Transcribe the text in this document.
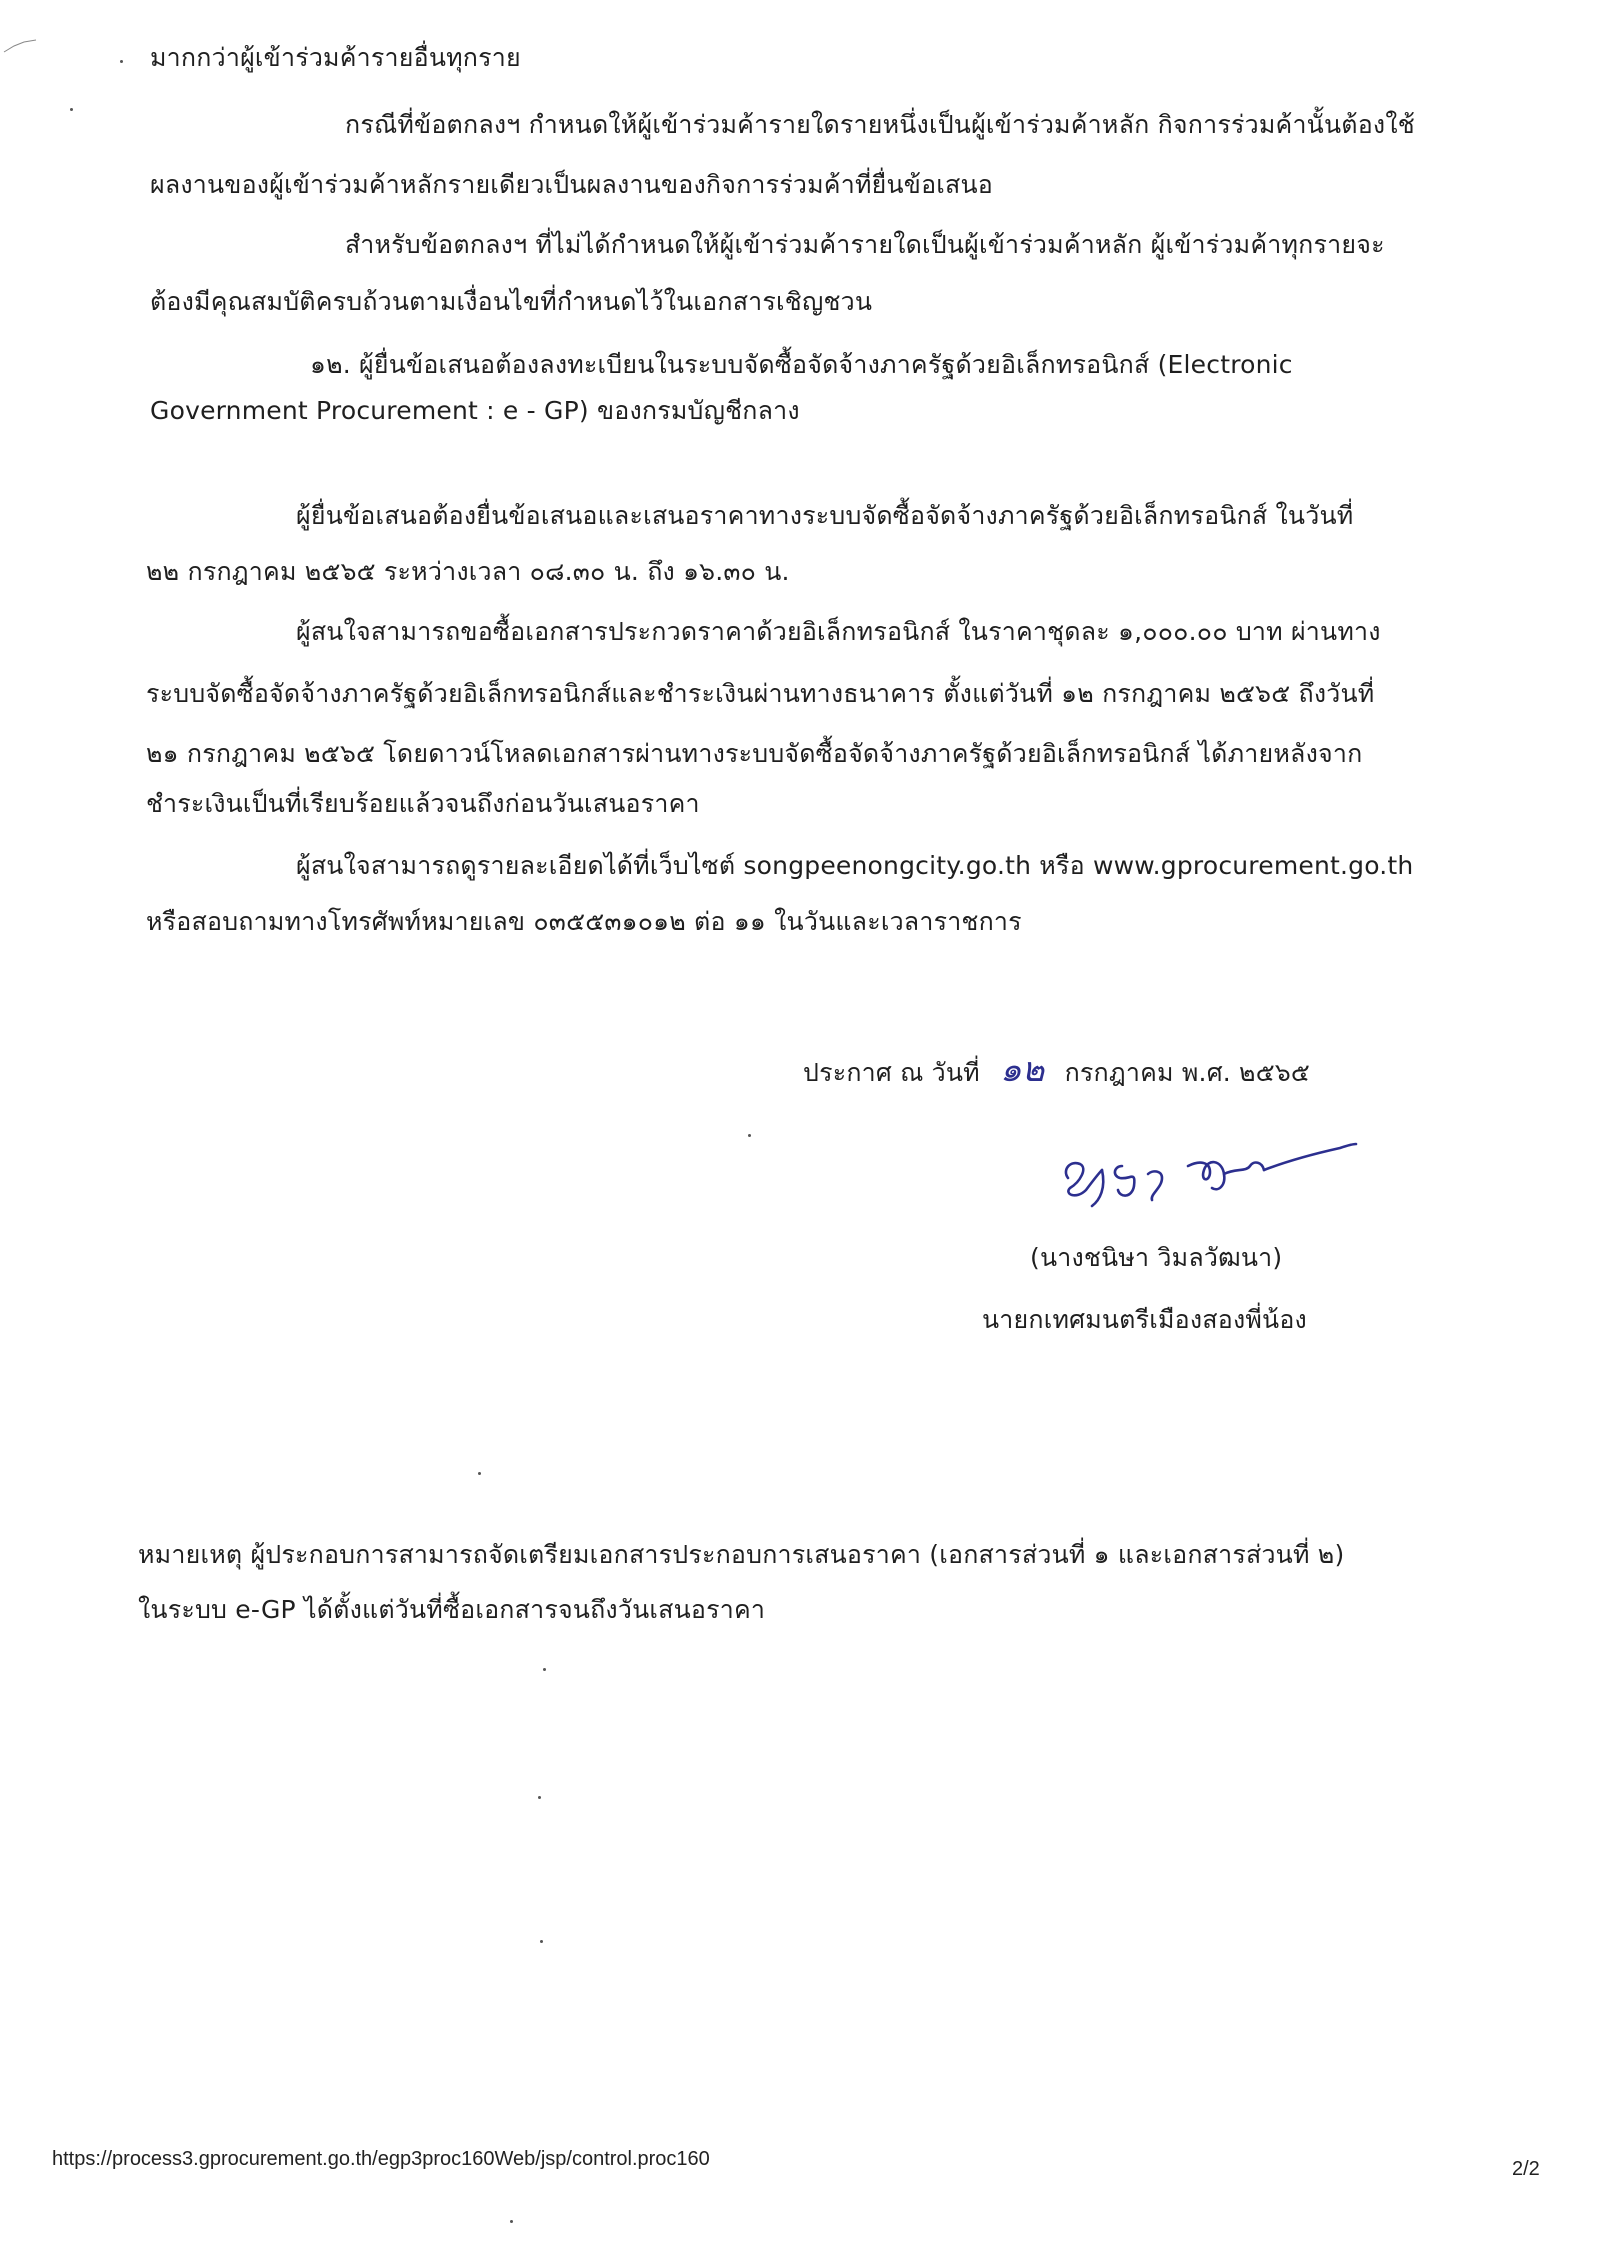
มากกว่าผู้เข้าร่วมค้ารายอื่นทุกราย
กรณีที่ข้อตกลงฯ กำหนดให้ผู้เข้าร่วมค้ารายใดรายหนึ่งเป็นผู้เข้าร่วมค้าหลัก กิจการร่วมค้านั้นต้องใช้
ผลงานของผู้เข้าร่วมค้าหลักรายเดียวเป็นผลงานของกิจการร่วมค้าที่ยื่นข้อเสนอ
สำหรับข้อตกลงฯ ที่ไม่ได้กำหนดให้ผู้เข้าร่วมค้ารายใดเป็นผู้เข้าร่วมค้าหลัก ผู้เข้าร่วมค้าทุกรายจะ
ต้องมีคุณสมบัติครบถ้วนตามเงื่อนไขที่กำหนดไว้ในเอกสารเชิญชวน
๑๒. ผู้ยื่นข้อเสนอต้องลงทะเบียนในระบบจัดซื้อจัดจ้างภาครัฐด้วยอิเล็กทรอนิกส์ (Electronic
Government Procurement : e - GP) ของกรมบัญชีกลาง
ผู้ยื่นข้อเสนอต้องยื่นข้อเสนอและเสนอราคาทางระบบจัดซื้อจัดจ้างภาครัฐด้วยอิเล็กทรอนิกส์ ในวันที่
๒๒ กรกฎาคม ๒๕๖๕ ระหว่างเวลา ๐๘.๓๐ น. ถึง ๑๖.๓๐ น.
ผู้สนใจสามารถขอซื้อเอกสารประกวดราคาด้วยอิเล็กทรอนิกส์ ในราคาชุดละ ๑,๐๐๐.๐๐ บาท ผ่านทาง
ระบบจัดซื้อจัดจ้างภาครัฐด้วยอิเล็กทรอนิกส์และชำระเงินผ่านทางธนาคาร ตั้งแต่วันที่ ๑๒ กรกฎาคม ๒๕๖๕ ถึงวันที่
๒๑ กรกฎาคม ๒๕๖๕ โดยดาวน์โหลดเอกสารผ่านทางระบบจัดซื้อจัดจ้างภาครัฐด้วยอิเล็กทรอนิกส์ ได้ภายหลังจาก
ชำระเงินเป็นที่เรียบร้อยแล้วจนถึงก่อนวันเสนอราคา
ผู้สนใจสามารถดูรายละเอียดได้ที่เว็บไซต์ songpeenongcity.go.th หรือ www.gprocurement.go.th
หรือสอบถามทางโทรศัพท์หมายเลข ๐๓๕๕๓๑๐๑๒ ต่อ ๑๑ ในวันและเวลาราชการ
ประกาศ ณ วันที่ ๑๒ กรกฎาคม พ.ศ. ๒๕๖๕
(นางชนิษา วิมลวัฒนา)
นายกเทศมนตรีเมืองสองพี่น้อง
หมายเหตุ ผู้ประกอบการสามารถจัดเตรียมเอกสารประกอบการเสนอราคา (เอกสารส่วนที่ ๑ และเอกสารส่วนที่ ๒)
ในระบบ e-GP ได้ตั้งแต่วันที่ซื้อเอกสารจนถึงวันเสนอราคา
https://process3.gprocurement.go.th/egp3proc160Web/jsp/control.proc160	2/2
